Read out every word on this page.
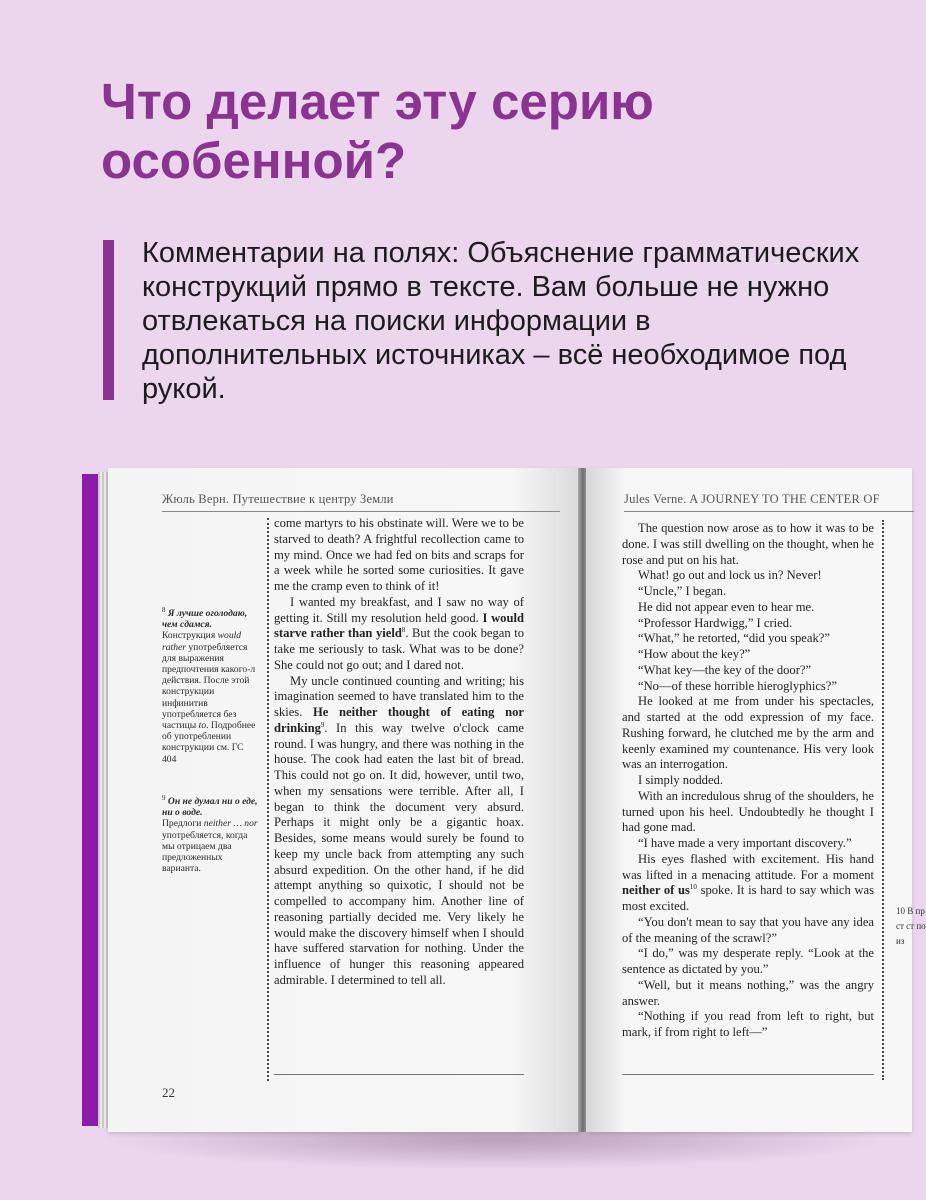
Что делает эту серию особенной?
Комментарии на полях: Объяснение грамматических конструкций прямо в тексте. Вам больше не нужно отвлекаться на поиски информации в дополнительных источниках – всё необходимое под рукой.
Жюль Верн. Путешествие к центру Земли
$^8$ Я лучше оголодаю, чем сдамся.
Конструкция would rather употребляется для выражения предпочтения какого-л действия. После этой конструкции инфинитив употребляется без частицы to. Подробнее об употреблении конструкции см. ГС 404
$^9$ Он не думал ни о еде, ни о воде.
Предлоги neither … nor употребляется, когда мы отрицаем два предложенных варианта.

come martyrs to his obstinate will. Were we to be starved to death? A frightful recollection came to my mind. Once we had fed on bits and scraps for a week while he sorted some curiosities. It gave me the cramp even to think of it!

I wanted my breakfast, and I saw no way of getting it. Still my resolution held good. I would starve rather than yield$^8$. But the cook began to take me seriously to task. What was to be done? She could not go out; and I dared not.

My uncle continued counting and writing; his imagination seemed to have translated him to the skies. He neither thought of eating nor drinking$^9$. In this way twelve o'clock came round. I was hungry, and there was nothing in the house. The cook had eaten the last bit of bread. This could not go on. It did, however, until two, when my sensations were terrible. After all, I began to think the document very absurd. Perhaps it might only be a gigantic hoax. Besides, some means would surely be found to keep my uncle back from attempting any such absurd expedition. On the other hand, if he did attempt anything so quixotic, I should not be compelled to accompany him. Another line of reasoning partially decided me. Very likely he would make the discovery himself when I should have suffered starvation for nothing. Under the influence of hunger this reasoning appeared admirable. I determined to tell all.

22
Jules Verne. A JOURNEY TO THE CENTER OF

The question now arose as to how it was to be done. I was still dwelling on the thought, when he rose and put on his hat.

What! go out and lock us in? Never!

“Uncle,” I began.

He did not appear even to hear me.

“Professor Hardwigg,” I cried.

“What,” he retorted, “did you speak?”

“How about the key?”

“What key—the key of the door?”

“No—of these horrible hieroglyphics?”

He looked at me from under his spectacles, and started at the odd expression of my face. Rushing forward, he clutched me by the arm and keenly examined my countenance. His very look was an interrogation.

I simply nodded.

With an incredulous shrug of the shoulders, he turned upon his heel. Undoubtedly he thought I had gone mad.

“I have made a very important discovery.”

His eyes flashed with excitement. His hand was lifted in a menacing attitude. For a moment neither of $us^{10}$ spoke. It is hard to say which was most excited.

“You don't mean to say that you have any idea of the meaning of the scrawl?”

“I do,” was my desperate reply. “Look at the sentence as dictated by you.”

“Well, but it means nothing,” was the angry answer.

“Nothing if you read from left to right, but mark, if from right to left—”

10 В пр ст ст по из
